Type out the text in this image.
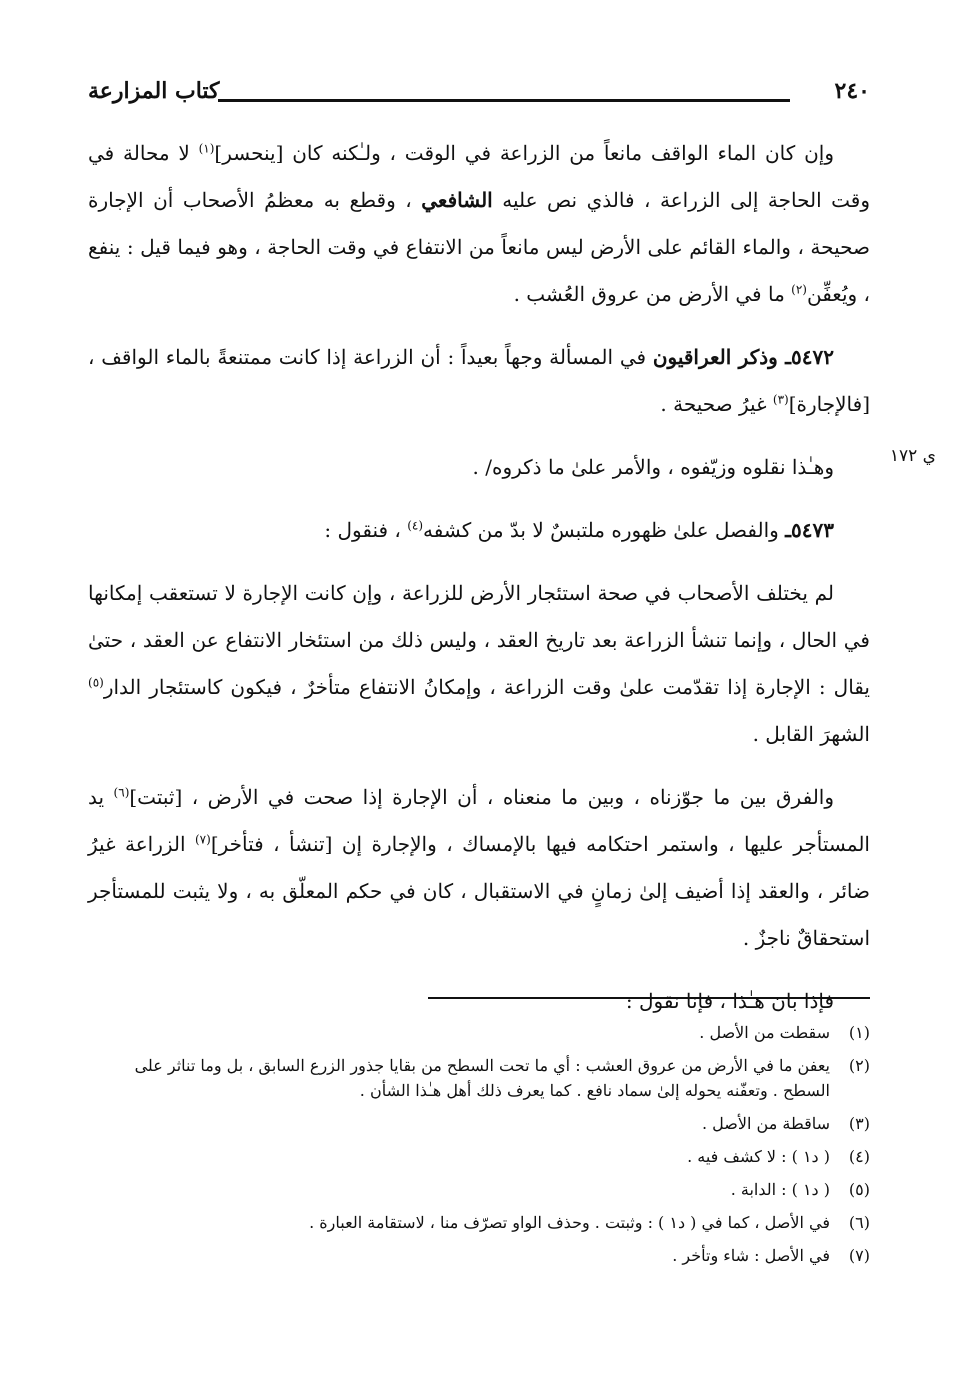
٢٤٠
كتاب المزارعة
ي ١٧٢

وإن كان الماء الواقف مانعاً من الزراعة في الوقت ، ولـٰكنه كان [ينحسر]$^{(١)}$ لا محالة في وقت الحاجة إلى الزراعة ، فالذي نص عليه الشافعي ، وقطع به معظمُ الأصحاب أن الإجارة صحيحة ، والماء القائم على الأرض ليس مانعاً من الانتفاع في وقت الحاجة ، وهو فيما قيل : ينفع ، ويُعفِّن$^{(٢)}$ ما في الأرض من عروق العُشب .

٥٤٧٢ـ وذكر العراقيون في المسألة وجهاً بعيداً : أن الزراعة إذا كانت ممتنعةً بالماء الواقف ، [فالإجارة]$^{(٣)}$ غيرُ صحيحة .

وهـٰذا نقلوه وزيّفوه ، والأمر علىٰ ما ذكروه/ .

٥٤٧٣ـ والفصل علىٰ ظهوره ملتبسٌ لا بدّ من كشفه$^{(٤)}$ ، فنقول :

لم يختلف الأصحاب في صحة استئجار الأرض للزراعة ، وإن كانت الإجارة لا تستعقب إمكانها في الحال ، وإنما تنشأ الزراعة بعد تاريخ العقد ، وليس ذلك من استئخار الانتفاع عن العقد ، حتىٰ يقال : الإجارة إذا تقدّمت علىٰ وقت الزراعة ، وإمكانُ الانتفاع متأخرٌ ، فيكون كاستئجار الدار$^{(٥)}$ الشهرَ القابل .

والفرق بين ما جوّزناه ، وبين ما منعناه ، أن الإجارة إذا صحت في الأرض ، [ثبتت]$^{(٦)}$ يد المستأجر عليها ، واستمر احتكامه فيها بالإمساك ، والإجارة إن [تنشأ ، فتأخر]$^{(٧)}$ الزراعة غيرُ ضائر ، والعقد إذا أضيف إلىٰ زمانٍ في الاستقبال ، كان في حكم المعلّق به ، ولا يثبت للمستأجر استحقاقٌ ناجزٌ .

فإذا بان هـٰذا ، فإنا نقول :

(١)
سقطت من الأصل .
(٢)
يعفن ما في الأرض من عروق العشب : أي ما تحت السطح من بقايا جذور الزرع السابق ، بل وما تناثر على السطح . وتعفّنه يحوله إلىٰ سماد نافع . كما يعرف ذلك أهل هـٰذا الشأن .
(٣)
ساقطة من الأصل .
(٤)
( د١ ) : لا كشف فيه .
(٥)
( د١ ) : الدابة .
(٦)
في الأصل ، كما في ( د١ ) : وثبتت . وحذف الواو تصرّف منا ، لاستقامة العبارة .
(٧)
في الأصل : شاء وتأخر .
